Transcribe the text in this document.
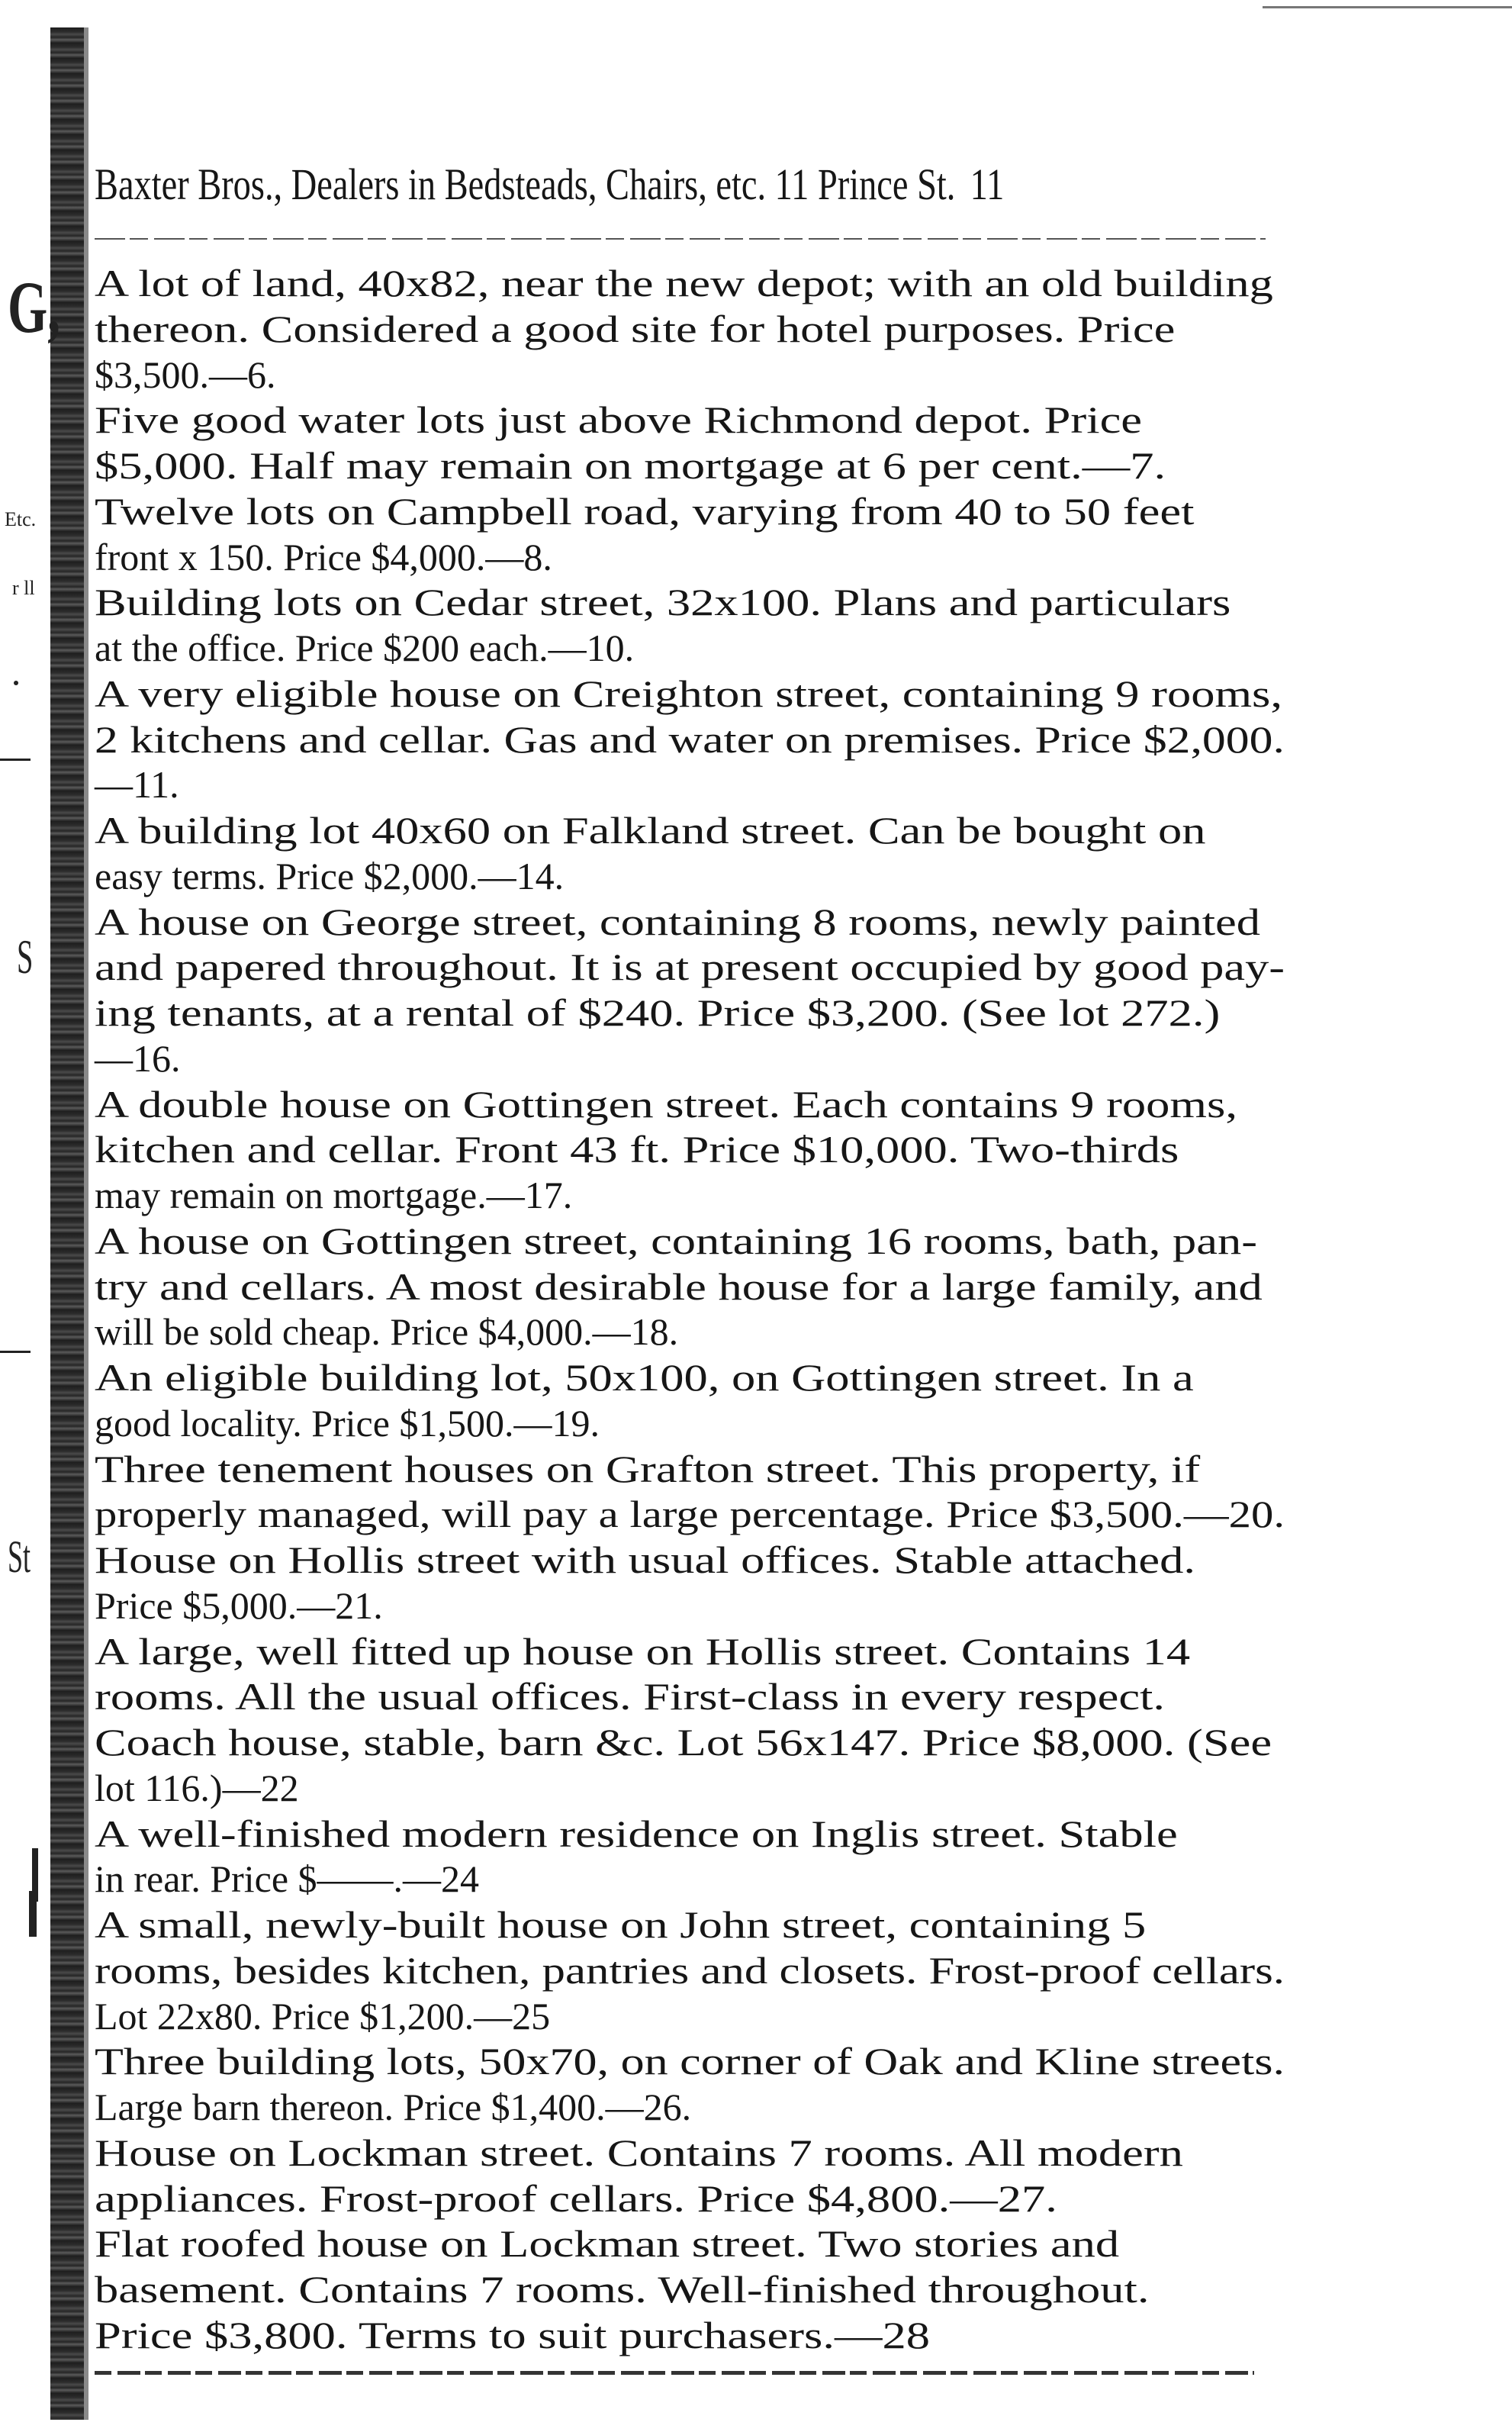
G,
Etc.
r ll
S
St
Baxter Bros., Dealers in Bedsteads, Chairs, etc. 11 Prince St. 11
A lot of land, 40x82, near the new depot; with an old building
thereon. Considered a good site for hotel purposes. Price
$3,500.—6.
Five good water lots just above Richmond depot. Price
$5,000. Half may remain on mortgage at 6 per cent.—7.
Twelve lots on Campbell road, varying from 40 to 50 feet
front x 150. Price $4,000.—8.
Building lots on Cedar street, 32x100. Plans and particulars
at the office. Price $200 each.—10.
A very eligible house on Creighton street, containing 9 rooms,
2 kitchens and cellar. Gas and water on premises. Price $2,000.
—11.
A building lot 40x60 on Falkland street. Can be bought on
easy terms. Price $2,000.—14.
A house on George street, containing 8 rooms, newly painted
and papered throughout. It is at present occupied by good pay-
ing tenants, at a rental of $240. Price $3,200. (See lot 272.)
—16.
A double house on Gottingen street. Each contains 9 rooms,
kitchen and cellar. Front 43 ft. Price $10,000. Two-thirds
may remain on mortgage.—17.
A house on Gottingen street, containing 16 rooms, bath, pan-
try and cellars. A most desirable house for a large family, and
will be sold cheap. Price $4,000.—18.
An eligible building lot, 50x100, on Gottingen street. In a
good locality. Price $1,500.—19.
Three tenement houses on Grafton street. This property, if
properly managed, will pay a large percentage. Price $3,500.—20.
House on Hollis street with usual offices. Stable attached.
Price $5,000.—21.
A large, well fitted up house on Hollis street. Contains 14
rooms. All the usual offices. First-class in every respect.
Coach house, stable, barn &c. Lot 56x147. Price $8,000. (See
lot 116.)—22
A well-finished modern residence on Inglis street. Stable
in rear. Price $——.—24
A small, newly-built house on John street, containing 5
rooms, besides kitchen, pantries and closets. Frost-proof cellars.
Lot 22x80. Price $1,200.—25
Three building lots, 50x70, on corner of Oak and Kline streets.
Large barn thereon. Price $1,400.—26.
House on Lockman street. Contains 7 rooms. All modern
appliances. Frost-proof cellars. Price $4,800.—27.
Flat roofed house on Lockman street. Two stories and
basement. Contains 7 rooms. Well-finished throughout.
Price $3,800. Terms to suit purchasers.—28
